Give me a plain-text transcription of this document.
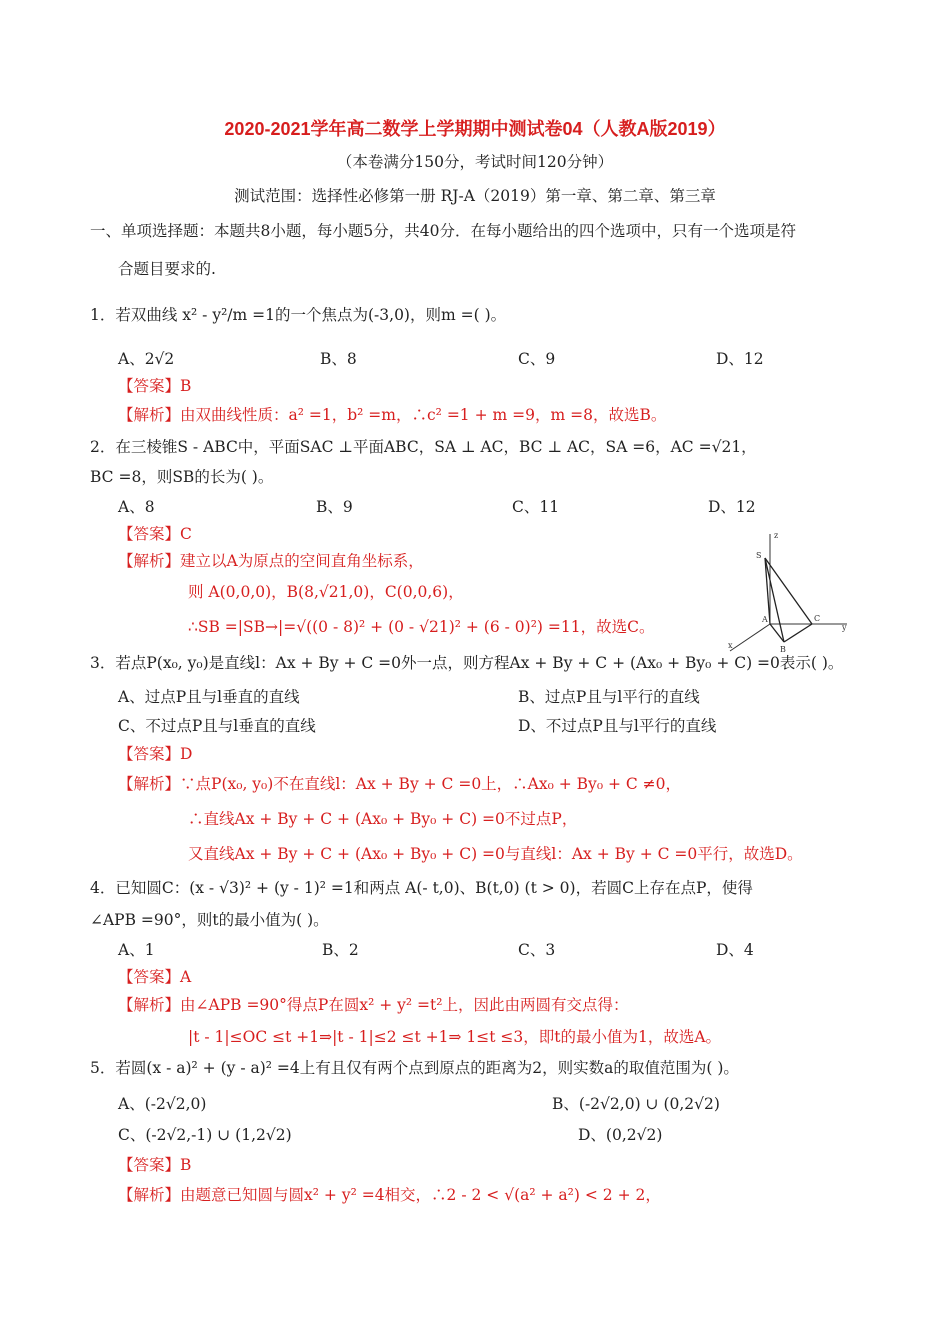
2020-2021学年高二数学上学期期中测试卷04（人教A版2019）
（本卷满分150分，考试时间120分钟）
测试范围：选择性必修第一册 RJ-A（2019）第一章、第二章、第三章
一、单项选择题：本题共8小题，每小题5分，共40分．在每小题给出的四个选项中，只有一个选项是符
合题目要求的.
1．若双曲线 x² - y²/m =1的一个焦点为(-3,0)，则m =( )。
A、2√2	B、8	C、9	D、12
【答案】B
【解析】由双曲线性质：a² =1，b² =m，∴c² =1 + m =9，m =8，故选B。
2．在三棱锥S - ABC中，平面SAC ⊥平面ABC，SA ⊥ AC，BC ⊥ AC，SA =6，AC =√21，
BC =8，则SB的长为( )。
A、8	B、9	C、11	D、12
【答案】C
【解析】建立以A为原点的空间直角坐标系，
则 A(0,0,0)，B(8,√21,0)，C(0,0,6)，
∴SB =|SB→|=√((0 - 8)² + (0 - √21)² + (6 - 0)²) =11，故选C。
z
S
A	C
y
B
x
3．若点P(x₀, y₀)是直线l：Ax + By + C =0外一点，则方程Ax + By + C + (Ax₀ + By₀ + C) =0表示( )。
A、过点P且与l垂直的直线	B、过点P且与l平行的直线
C、不过点P且与l垂直的直线	D、不过点P且与l平行的直线
【答案】D
【解析】∵点P(x₀, y₀)不在直线l：Ax + By + C =0上，∴Ax₀ + By₀ + C ≠0，
∴直线Ax + By + C + (Ax₀ + By₀ + C) =0不过点P，
又直线Ax + By + C + (Ax₀ + By₀ + C) =0与直线l：Ax + By + C =0平行，故选D。
4．已知圆C：(x - √3)² + (y - 1)² =1和两点 A(- t,0)、B(t,0) (t > 0)，若圆C上存在点P，使得
∠APB =90°，则t的最小值为( )。
A、1	B、2	C、3	D、4
【答案】A
【解析】由∠APB =90°得点P在圆x² + y² =t²上，因此由两圆有交点得：
|t - 1|≤OC ≤t +1⇒|t - 1|≤2 ≤t +1⇒ 1≤t ≤3，即t的最小值为1，故选A。
5．若圆(x - a)² + (y - a)² =4上有且仅有两个点到原点的距离为2，则实数a的取值范围为( )。
A、(-2√2,0)	B、(-2√2,0) ∪ (0,2√2)
C、(-2√2,-1) ∪ (1,2√2)	D、(0,2√2)
【答案】B
【解析】由题意已知圆与圆x² + y² =4相交，∴2 - 2 < √(a² + a²) < 2 + 2，
